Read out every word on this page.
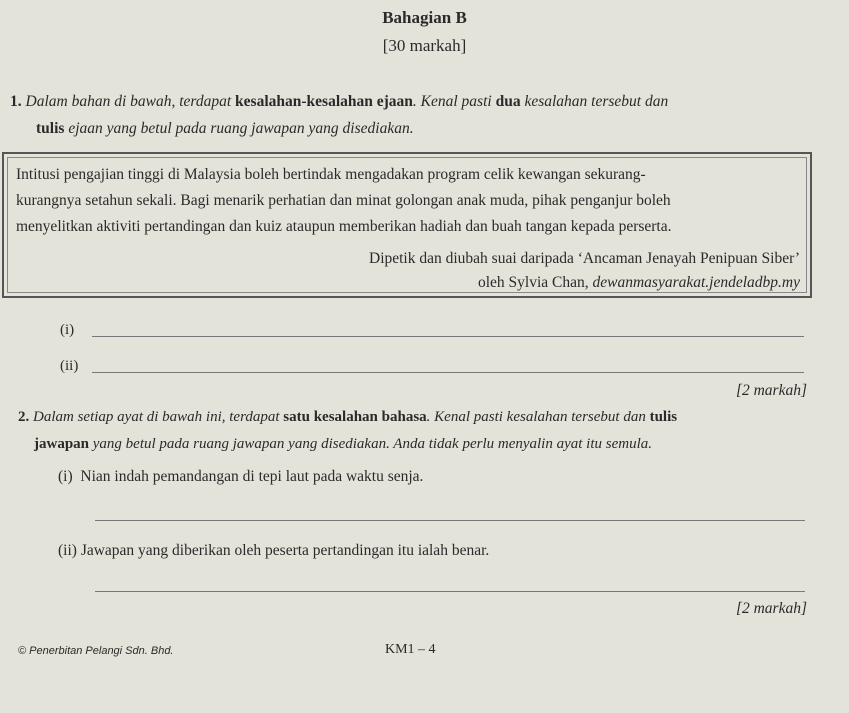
Bahagian B
[30 markah]
1. Dalam bahan di bawah, terdapat kesalahan-kesalahan ejaan. Kenal pasti dua kesalahan tersebut dan
tulis ejaan yang betul pada ruang jawapan yang disediakan.

Intitusi pengajian tinggi di Malaysia boleh bertindak mengadakan program celik kewangan sekurang-

kurangnya setahun sekali. Bagi menarik perhatian dan minat golongan anak muda, pihak penganjur boleh

menyelitkan aktiviti pertandingan dan kuiz ataupun memberikan hadiah dan buah tangan kepada perserta.

Dipetik dan diubah suai daripada ‘Ancaman Jenayah Penipuan Siber’

oleh Sylvia Chan, dewanmasyarakat.jendeladbp.my

(i)
(ii)
[2 markah]
2. Dalam setiap ayat di bawah ini, terdapat satu kesalahan bahasa. Kenal pasti kesalahan tersebut dan tulis
jawapan yang betul pada ruang jawapan yang disediakan. Anda tidak perlu menyalin ayat itu semula.
(i) Nian indah pemandangan di tepi laut pada waktu senja.
(ii) Jawapan yang diberikan oleh peserta pertandingan itu ialah benar.
[2 markah]
© Penerbitan Pelangi Sdn. Bhd.	KM1 – 4
